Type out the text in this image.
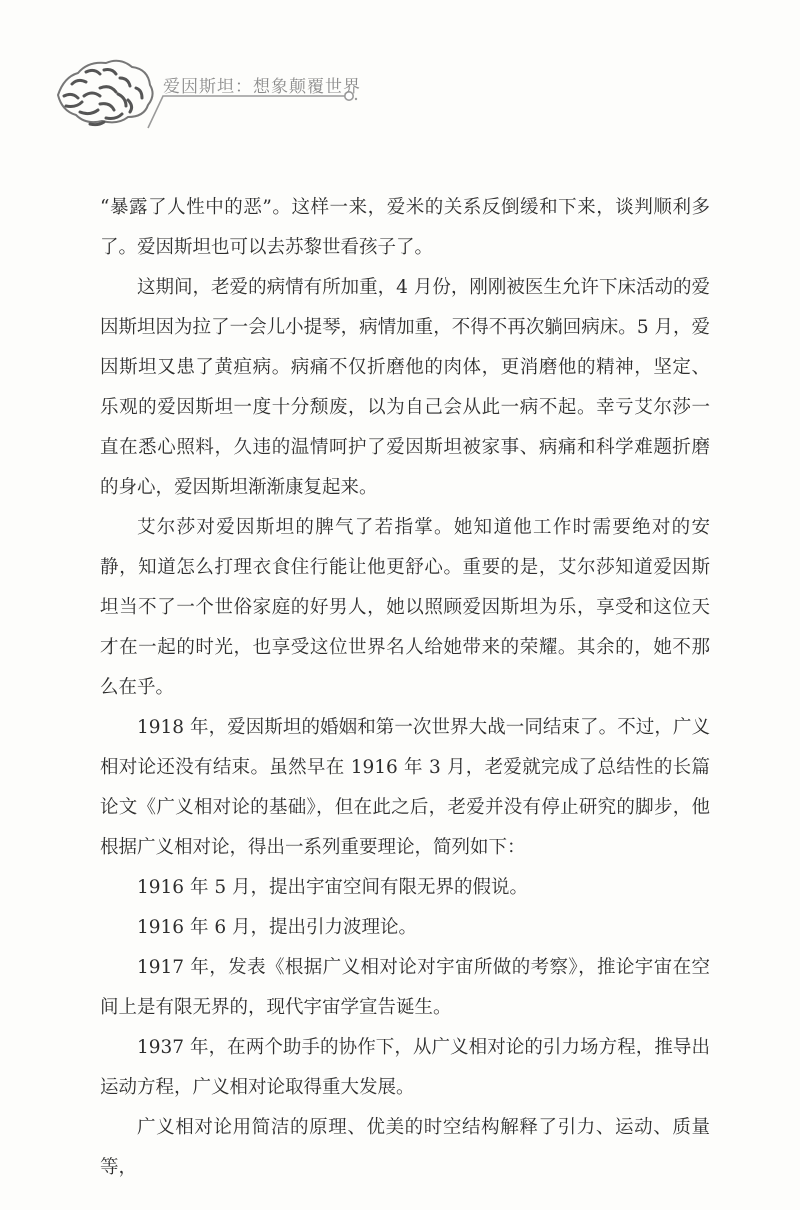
爱因斯坦：想象颠覆世界

“暴露了人性中的恶”。这样一来，爱米的关系反倒缓和下来，谈判顺利多了。爱因斯坦也可以去苏黎世看孩子了。

这期间，老爱的病情有所加重，4 月份，刚刚被医生允许下床活动的爱因斯坦因为拉了一会儿小提琴，病情加重，不得不再次躺回病床。5 月，爱因斯坦又患了黄疸病。病痛不仅折磨他的肉体，更消磨他的精神，坚定、乐观的爱因斯坦一度十分颓废，以为自己会从此一病不起。幸亏艾尔莎一直在悉心照料，久违的温情呵护了爱因斯坦被家事、病痛和科学难题折磨的身心，爱因斯坦渐渐康复起来。

艾尔莎对爱因斯坦的脾气了若指掌。她知道他工作时需要绝对的安静，知道怎么打理衣食住行能让他更舒心。重要的是，艾尔莎知道爱因斯坦当不了一个世俗家庭的好男人，她以照顾爱因斯坦为乐，享受和这位天才在一起的时光，也享受这位世界名人给她带来的荣耀。其余的，她不那么在乎。

1918 年，爱因斯坦的婚姻和第一次世界大战一同结束了。不过，广义相对论还没有结束。虽然早在 1916 年 3 月，老爱就完成了总结性的长篇论文《广义相对论的基础》，但在此之后，老爱并没有停止研究的脚步，他根据广义相对论，得出一系列重要理论，简列如下：

1916 年 5 月，提出宇宙空间有限无界的假说。

1916 年 6 月，提出引力波理论。

1917 年，发表《根据广义相对论对宇宙所做的考察》，推论宇宙在空间上是有限无界的，现代宇宙学宣告诞生。

1937 年，在两个助手的协作下，从广义相对论的引力场方程，推导出运动方程，广义相对论取得重大发展。

广义相对论用简洁的原理、优美的时空结构解释了引力、运动、质量等，
